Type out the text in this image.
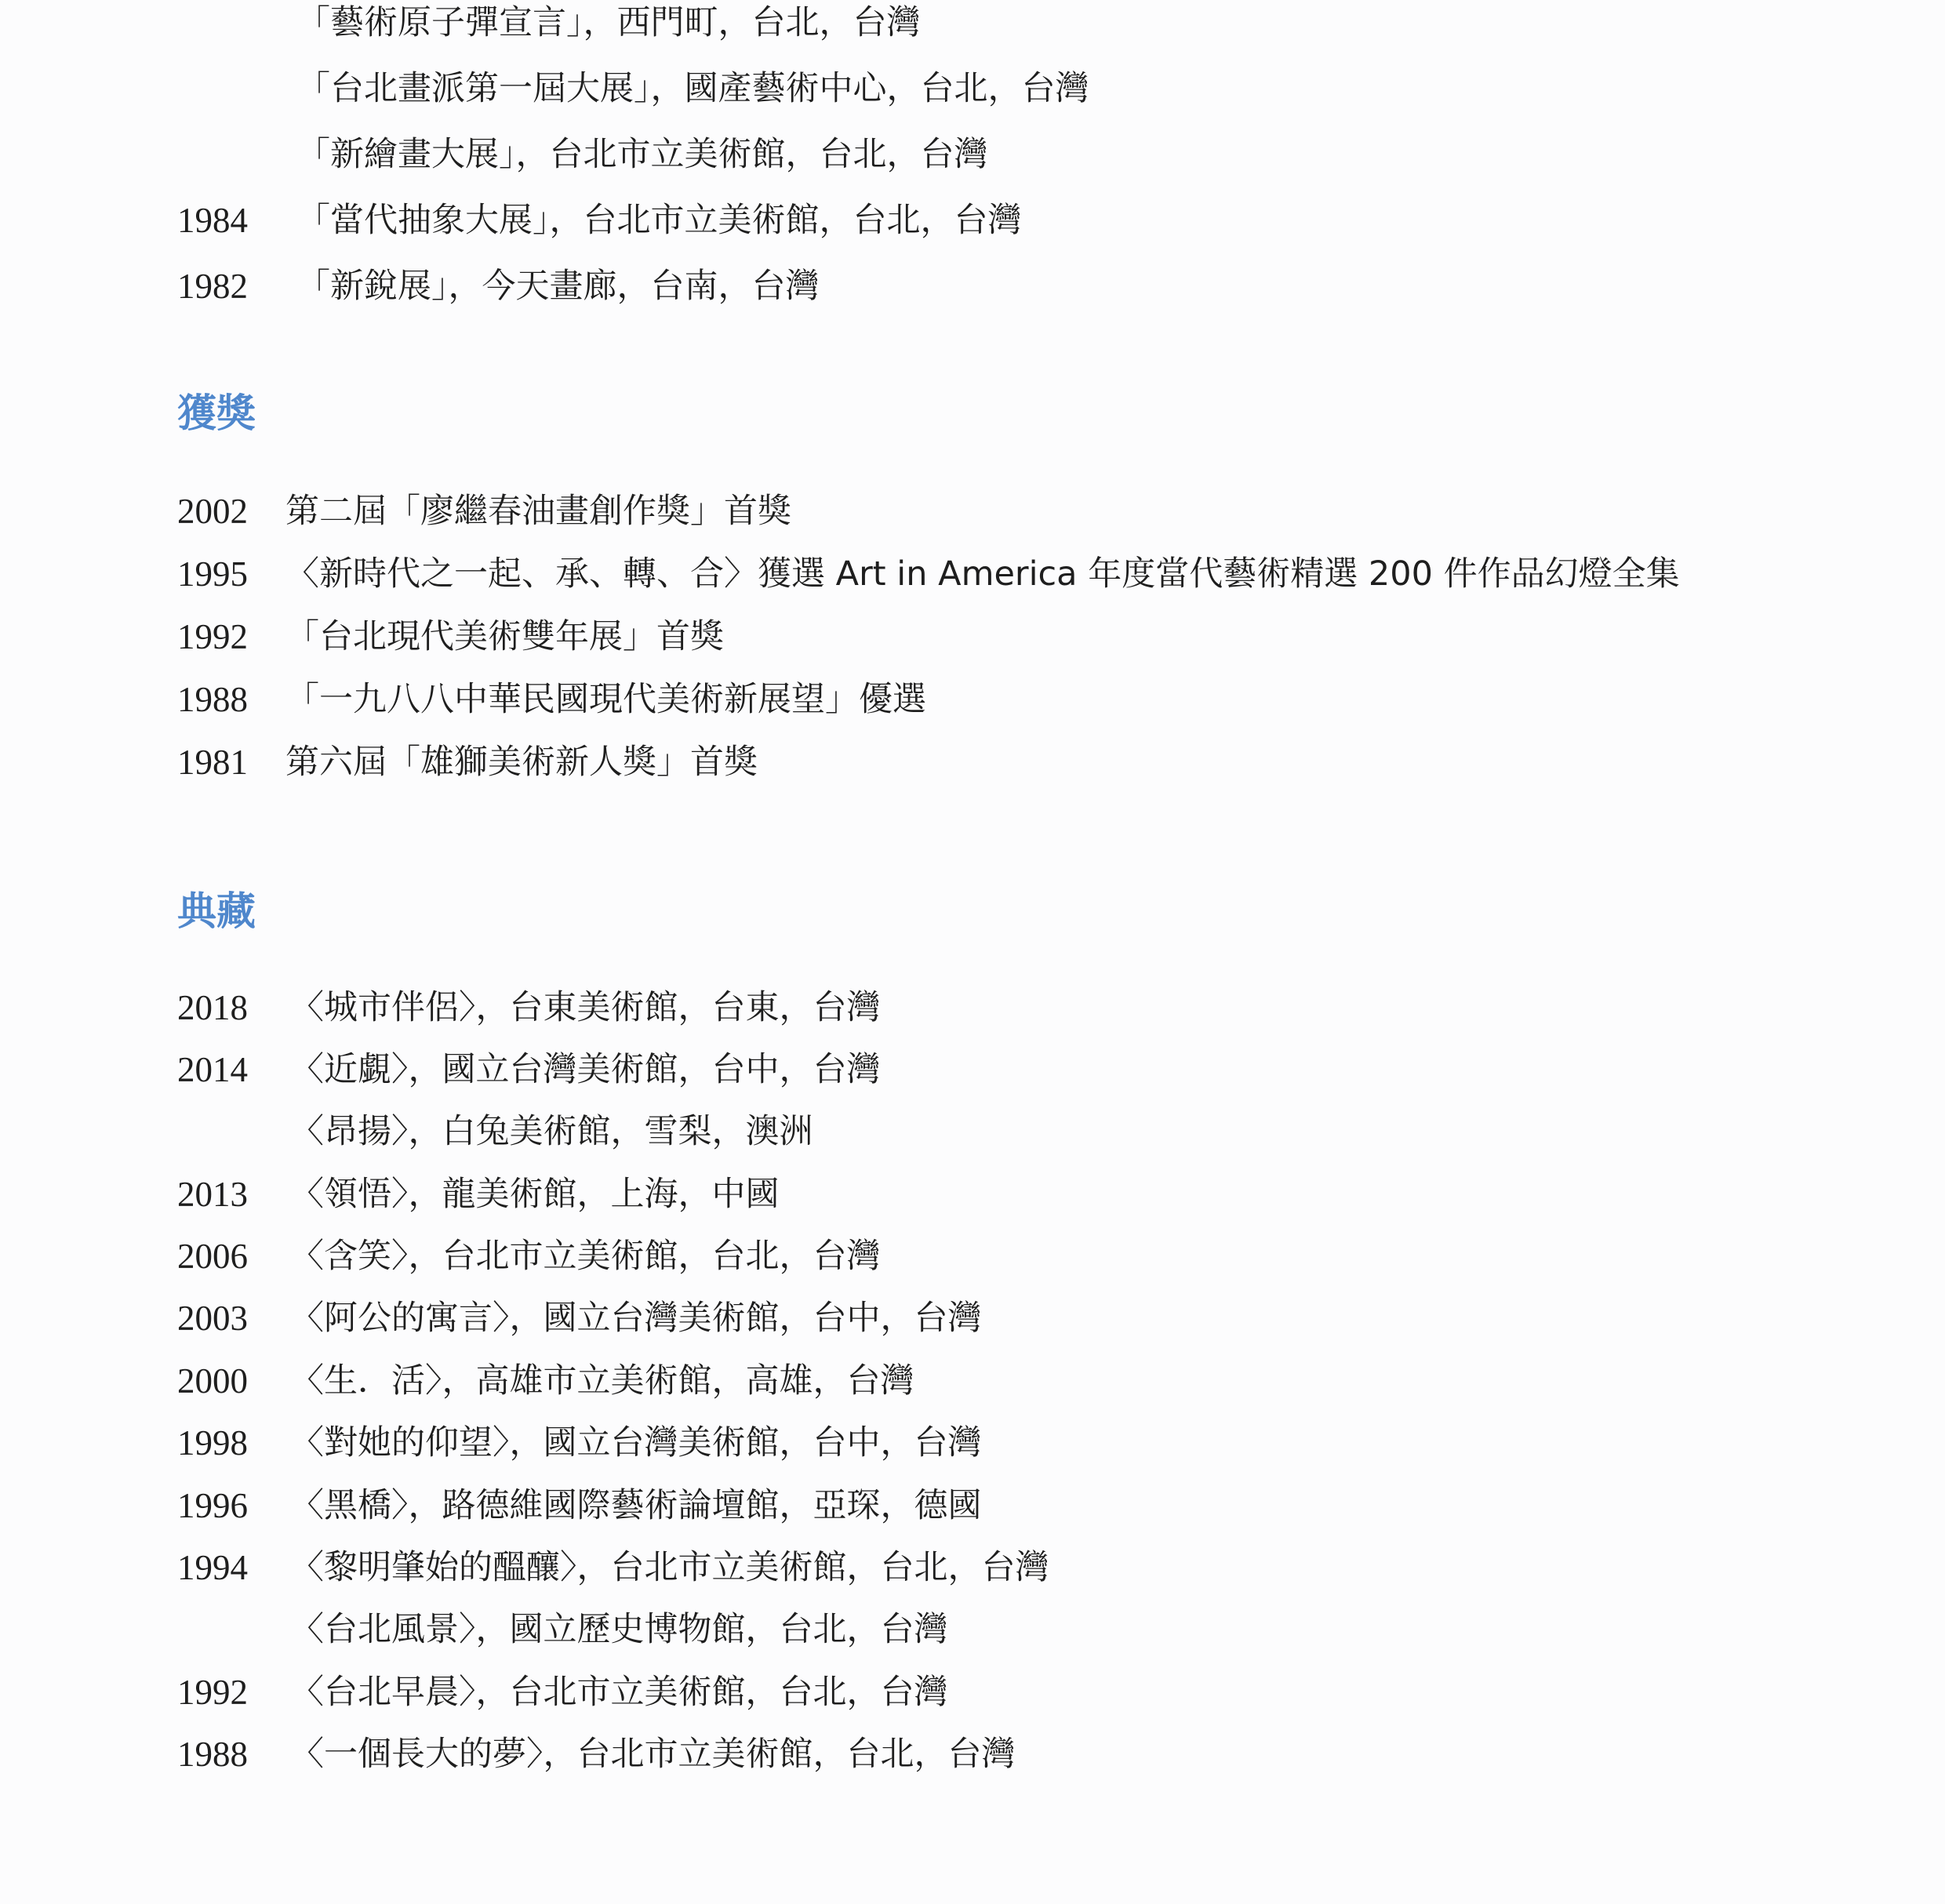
「藝術原子彈宣言」，西門町，台北，台灣
「台北畫派第一屆大展」，國產藝術中心，台北，台灣
「新繪畫大展」，台北市立美術館，台北，台灣
1984 「當代抽象大展」，台北市立美術館，台北，台灣
1982 「新銳展」，今天畫廊，台南，台灣
獲獎
2002 第二屆「廖繼春油畫創作獎」首獎
1995 〈新時代之一起、承、轉、合〉獲選 Art in America 年度當代藝術精選 200 件作品幻燈全集
1992 「台北現代美術雙年展」首獎
1988 「一九八八中華民國現代美術新展望」優選
1981 第六屆「雄獅美術新人獎」首獎
典藏
2018 〈城市伴侶〉，台東美術館，台東，台灣
2014 〈近覷〉，國立台灣美術館，台中，台灣
〈昂揚〉，白兔美術館，雪梨，澳洲
2013 〈領悟〉，龍美術館，上海，中國
2006 〈含笑〉，台北市立美術館，台北，台灣
2003 〈阿公的寓言〉，國立台灣美術館，台中，台灣
2000 〈生．活〉，高雄市立美術館，高雄，台灣
1998 〈對她的仰望〉，國立台灣美術館，台中，台灣
1996 〈黑橋〉，路德維國際藝術論壇館，亞琛，德國
1994 〈黎明肇始的醞釀〉，台北市立美術館，台北，台灣
〈台北風景〉，國立歷史博物館，台北，台灣
1992 〈台北早晨〉，台北市立美術館，台北，台灣
1988 〈一個長大的夢〉，台北市立美術館，台北，台灣
